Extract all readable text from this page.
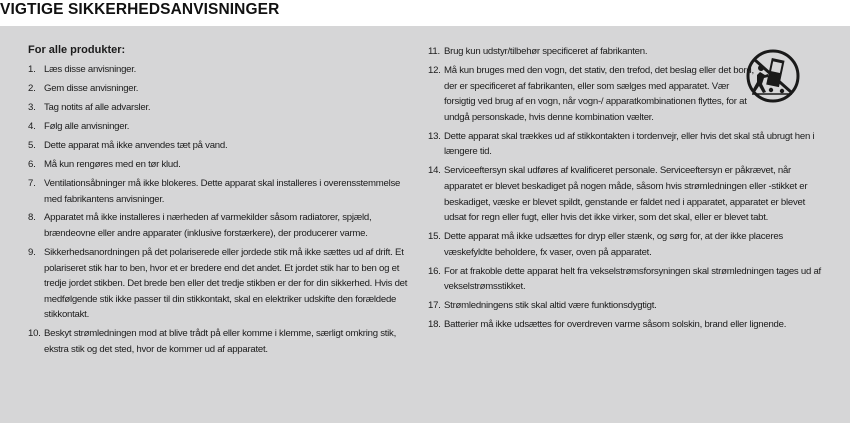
VIGTIGE SIKKERHEDSANVISNINGER
For alle produkter:
1. Læs disse anvisninger.
2. Gem disse anvisninger.
3. Tag notits af alle advarsler.
4. Følg alle anvisninger.
5. Dette apparat må ikke anvendes tæt på vand.
6. Må kun rengøres med en tør klud.
7. Ventilationsåbninger må ikke blokeres. Dette apparat skal installeres i overensstemmelse med fabrikantens anvisninger.
8. Apparatet må ikke installeres i nærheden af varmekilder såsom radiatorer, spjæld, brændeovne eller andre apparater (inklusive forstærkere), der producerer varme.
9. Sikkerhedsanordningen på det polariserede eller jordede stik må ikke sættes ud af drift. Et polariseret stik har to ben, hvor et er bredere end det andet. Et jordet stik har to ben og et tredje jordet stikben. Det brede ben eller det tredje stikben er der for din sikkerhed. Hvis det medfølgende stik ikke passer til din stikkontakt, skal en elektriker udskifte den forældede stikkontakt.
10. Beskyt strømledningen mod at blive trådt på eller komme i klemme, særligt omkring stik, ekstra stik og det sted, hvor de kommer ud af apparatet.
11. Brug kun udstyr/tilbehør specificeret af fabrikanten.
12. Må kun bruges med den vogn, det stativ, den trefod, det beslag eller det bord, der er specificeret af fabrikanten, eller som sælges med apparatet. Vær forsigtig ved brug af en vogn, når vogn-/ apparatkombinationen flyttes, for at undgå personskade, hvis denne kombination vælter.
13. Dette apparat skal trækkes ud af stikkontakten i tordenvejr, eller hvis det skal stå ubrugt hen i længere tid.
14. Serviceeftersyn skal udføres af kvalificeret personale. Serviceeftersyn er påkrævet, når apparatet er blevet beskadiget på nogen måde, såsom hvis strømledningen eller -stikket er beskadiget, væske er blevet spildt, genstande er faldet ned i apparatet, apparatet er blevet udsat for regn eller fugt, eller hvis det ikke virker, som det skal, eller er blevet tabt.
15. Dette apparat må ikke udsættes for dryp eller stænk, og sørg for, at der ikke placeres væskefyldte beholdere, fx vaser, oven på apparatet.
16. For at frakoble dette apparat helt fra vekselstrømsforsyningen skal strømledningen tages ud af vekselstrømsstikket.
17. Strømledningens stik skal altid være funktionsdygtigt.
18. Batterier må ikke udsættes for overdreven varme såsom solskin, brand eller lignende.
